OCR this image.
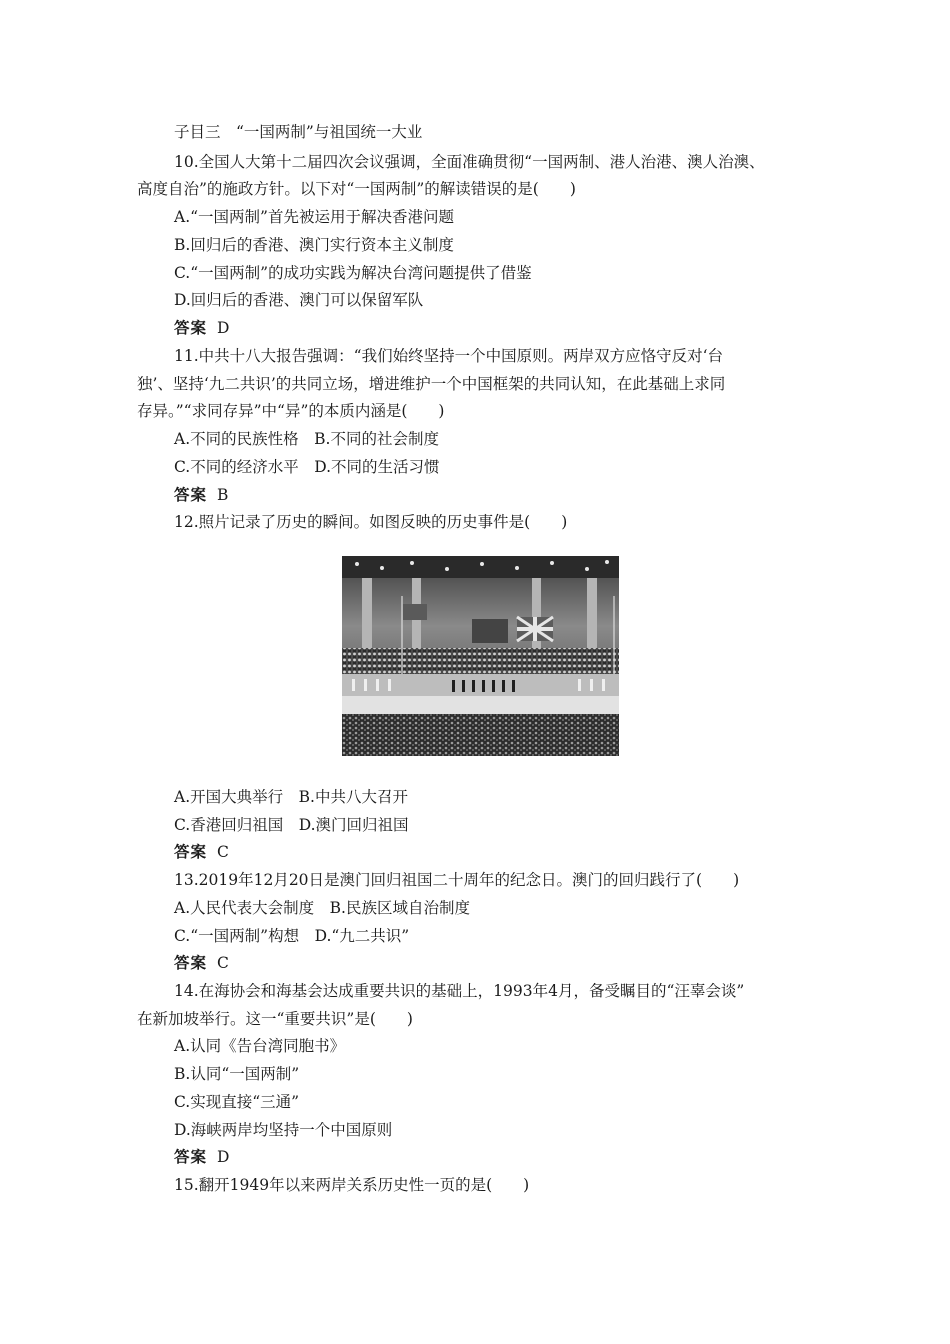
子目三　“一国两制”与祖国统一大业
10.全国人大第十二届四次会议强调，全面准确贯彻“一国两制、港人治港、澳人治澳、
高度自治”的施政方针。以下对“一国两制”的解读错误的是(　　)
A.“一国两制”首先被运用于解决香港问题
B.回归后的香港、澳门实行资本主义制度
C.“一国两制”的成功实践为解决台湾问题提供了借鉴
D.回归后的香港、澳门可以保留军队
答案 D
11.中共十八大报告强调：“我们始终坚持一个中国原则。两岸双方应恪守反对‘台
独’、坚持‘九二共识’的共同立场，增进维护一个中国框架的共同认知，在此基础上求同
存异。”“求同存异”中“异”的本质内涵是(　　)
A.不同的民族性格　B.不同的社会制度
C.不同的经济水平　D.不同的生活习惯
答案 B
12.照片记录了历史的瞬间。如图反映的历史事件是(　　)
A.开国大典举行　B.中共八大召开
C.香港回归祖国　D.澳门回归祖国
答案 C
13.2019年12月20日是澳门回归祖国二十周年的纪念日。澳门的回归践行了(　　)
A.人民代表大会制度　B.民族区域自治制度
C.“一国两制”构想　D.“九二共识”
答案 C
14.在海协会和海基会达成重要共识的基础上，1993年4月，备受瞩目的“汪辜会谈”
在新加坡举行。这一“重要共识”是(　　)
A.认同《告台湾同胞书》
B.认同“一国两制”
C.实现直接“三通”
D.海峡两岸均坚持一个中国原则
答案 D
15.翻开1949年以来两岸关系历史性一页的是(　　)
